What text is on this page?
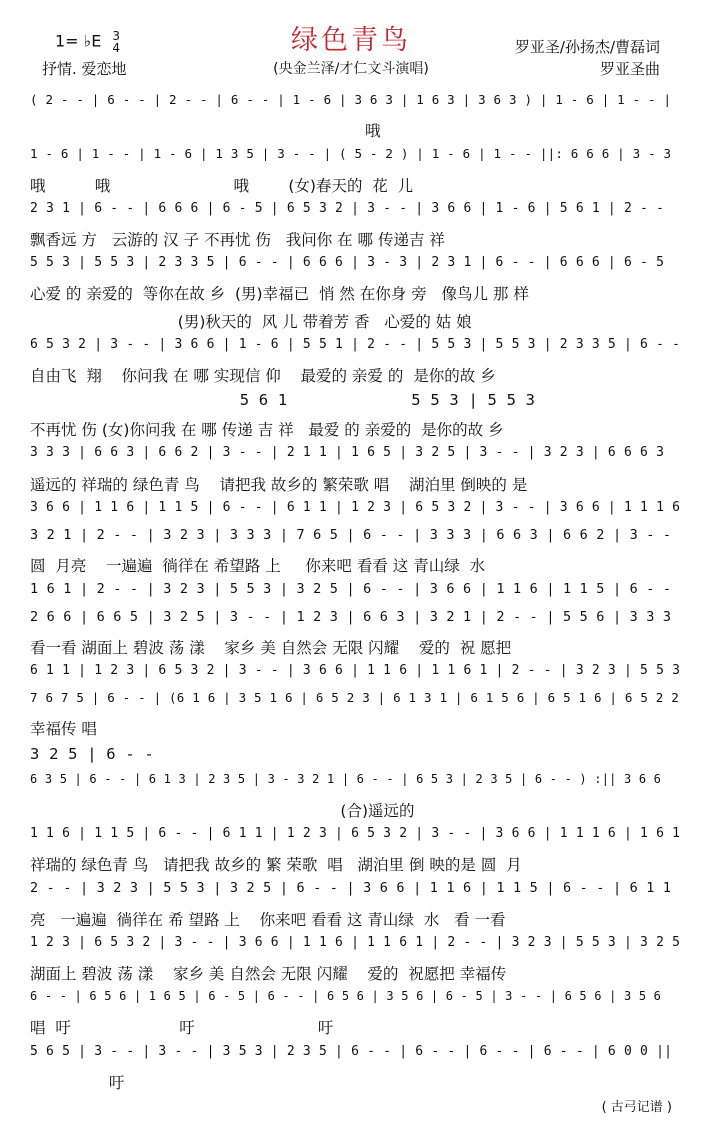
绿色青鸟
1= ♭E 3
4
抒情. 爱恋地	(央金兰泽/才仁文斗演唱)
罗亚圣/孙扬杰/曹磊词
罗亚圣曲
( 2 - - | 6 - - | 2 - - | 6 - - | 1 - 6 | 3 6 3 | 1 6 3 | 3 6 3 ) | 1 - 6 | 1 - - |
哦
1 - 6 | 1 - - | 1 - 6 | 1 3 5 | 3 - - | ( 5 - 2 ) | 1 - 6 | 1 - - ||: 6 6 6 | 3 - 3
哦          哦                         哦        (女)春天的  花  儿
2 3 1 | 6 - - | 6 6 6 | 6 - 5 | 6 5 3 2 | 3 - - | 3 6 6 | 1 - 6 | 5 6 1 | 2 - -
飘香远 方   云游的 汉 子 不再忧 伤   我问你 在 哪 传递吉 祥
5 5 3 | 5 5 3 | 2 3 3 5 | 6 - - | 6 6 6 | 3 - 3 | 2 3 1 | 6 - - | 6 6 6 | 6 - 5
心爱 的 亲爱的  等你在故 乡  (男)幸福已  悄 然 在你身 旁   像鸟儿 那 样
(男)秋天的  风 儿 带着芳 香   心爱的 姑 娘
6 5 3 2 | 3 - - | 3 6 6 | 1 - 6 | 5 5 1 | 2 - - | 5 5 3 | 5 5 3 | 2 3 3 5 | 6 - -
自由飞  翔    你问我 在 哪 实现信 仰    最爱的 亲爱 的  是你的故 乡
5 6 1             5 5 3 | 5 5 3
不再忧 伤 (女)你问我 在 哪 传递 吉 祥   最爱 的 亲爱的  是你的故 乡
3 3 3 | 6 6 3 | 6 6 2 | 3 - - | 2 1 1 | 1 6 5 | 3 2 5 | 3 - - | 3 2 3 | 6 6 6 3
遥远的 祥瑞的 绿色青 鸟    请把我 故乡的 繁荣歌 唱    湖泊里 倒映的 是
3 6 6 | 1 1 6 | 1 1 5 | 6 - - | 6 1 1 | 1 2 3 | 6 5 3 2 | 3 - - | 3 6 6 | 1 1 1 6
3 2 1 | 2 - - | 3 2 3 | 3 3 3 | 7 6 5 | 6 - - | 3 3 3 | 6 6 3 | 6 6 2 | 3 - -
圆  月亮    一遍遍  徜徉在 希望路 上     你来吧 看看 这 青山绿  水
1 6 1 | 2 - - | 3 2 3 | 5 5 3 | 3 2 5 | 6 - - | 3 6 6 | 1 1 6 | 1 1 5 | 6 - -
2 6 6 | 6 6 5 | 3 2 5 | 3 - - | 1 2 3 | 6 6 3 | 3 2 1 | 2 - - | 5 5 6 | 3 3 3
看一看 湖面上 碧波 荡 漾    家乡 美 自然会 无限 闪耀    爱的  祝 愿把
6 1 1 | 1 2 3 | 6 5 3 2 | 3 - - | 3 6 6 | 1 1 6 | 1 1 6 1 | 2 - - | 3 2 3 | 5 5 3
7 6 7 5 | 6 - - | (6 1 6 | 3 5 1 6 | 6 5 2 3 | 6 1 3 1 | 6 1 5 6 | 6 5 1 6 | 6 5 2 2
幸福传 唱
3 2 5 | 6 - -
6 3 5 | 6 - - | 6 1 3 | 2 3 5 | 3 - 3 2 1 | 6 - - | 6 5 3 | 2 3 5 | 6 - - ) :|| 3 6 6
(合)遥远的
1 1 6 | 1 1 5 | 6 - - | 6 1 1 | 1 2 3 | 6 5 3 2 | 3 - - | 3 6 6 | 1 1 1 6 | 1 6 1
祥瑞的 绿色青 鸟   请把我 故乡的 繁 荣歌  唱   湖泊里 倒 映的是 圆  月
2 - - | 3 2 3 | 5 5 3 | 3 2 5 | 6 - - | 3 6 6 | 1 1 6 | 1 1 5 | 6 - - | 6 1 1
亮   一遍遍  徜徉在 希 望路 上    你来吧 看看 这 青山绿  水   看 一看
1 2 3 | 6 5 3 2 | 3 - - | 3 6 6 | 1 1 6 | 1 1 6 1 | 2 - - | 3 2 3 | 5 5 3 | 3 2 5
湖面上 碧波 荡 漾    家乡 美 自然会 无限 闪耀    爱的  祝愿把 幸福传
6 - - | 6 5 6 | 1 6 5 | 6 - 5 | 6 - - | 6 5 6 | 3 5 6 | 6 - 5 | 3 - - | 6 5 6 | 3 5 6
唱  吁                      吁                         吁
5 6 5 | 3 - - | 3 - - | 3 5 3 | 2 3 5 | 6 - - | 6 - - | 6 - - | 6 - - | 6 0 0 ||
吁
( 古弓记谱 )
